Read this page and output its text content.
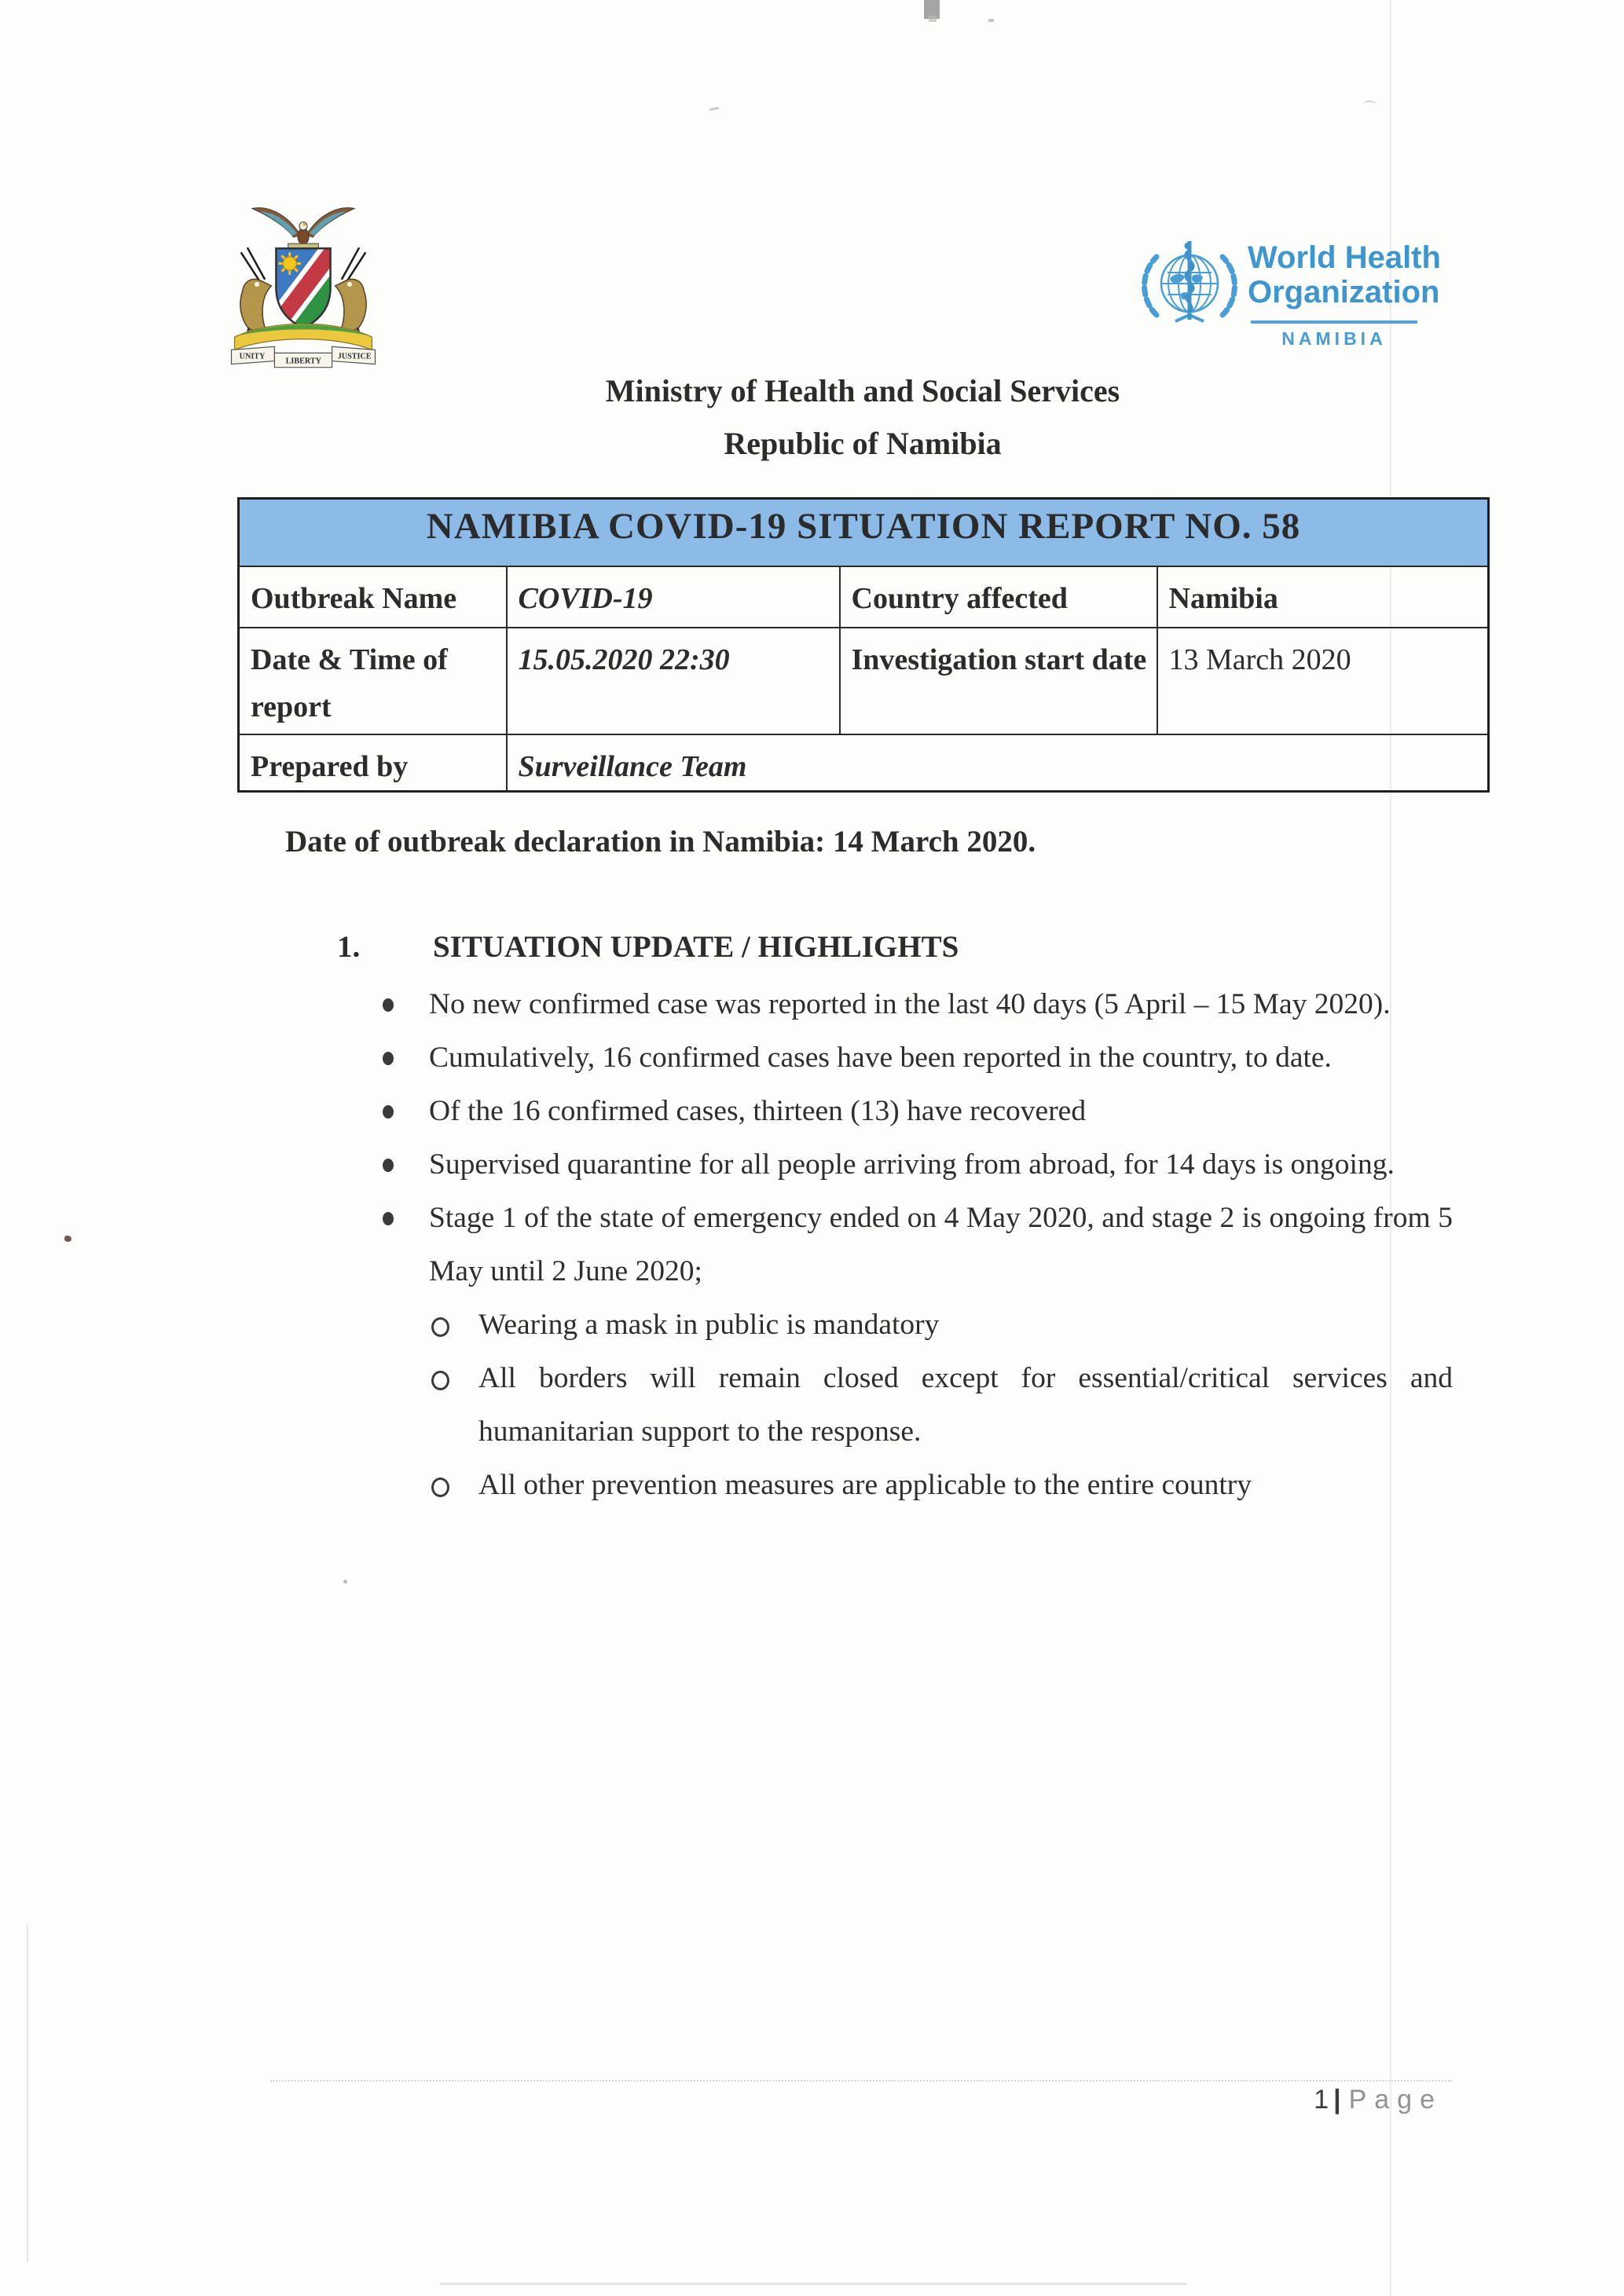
UNITY
LIBERTY
JUSTICE
World Health
Organization
NAMIBIA
Ministry of Health and Social Services
Republic of Namibia
NAMIBIA COVID-19 SITUATION REPORT NO. 58			
Outbreak Name	COVID-19	Country affected	Namibia
Date & Time of report	15.05.2020 22:30	Investigation start date	13 March 2020
Prepared by	Surveillance Team		
Date of outbreak declaration in Namibia: 14 March 2020.
1. SITUATION UPDATE / HIGHLIGHTS
No new confirmed case was reported in the last 40 days (5 April – 15 May 2020).
Cumulatively, 16 confirmed cases have been reported in the country, to date.
Of the 16 confirmed cases, thirteen (13) have recovered
Supervised quarantine for all people arriving from abroad, for 14 days is ongoing.
Stage 1 of the state of emergency ended on 4 May 2020, and stage 2 is ongoing from 5 May until 2 June 2020;
Wearing a mask in public is mandatory
All borders will remain closed except for essential/critical services and humanitarian support to the response.
All other prevention measures are applicable to the entire country
1 | Page
